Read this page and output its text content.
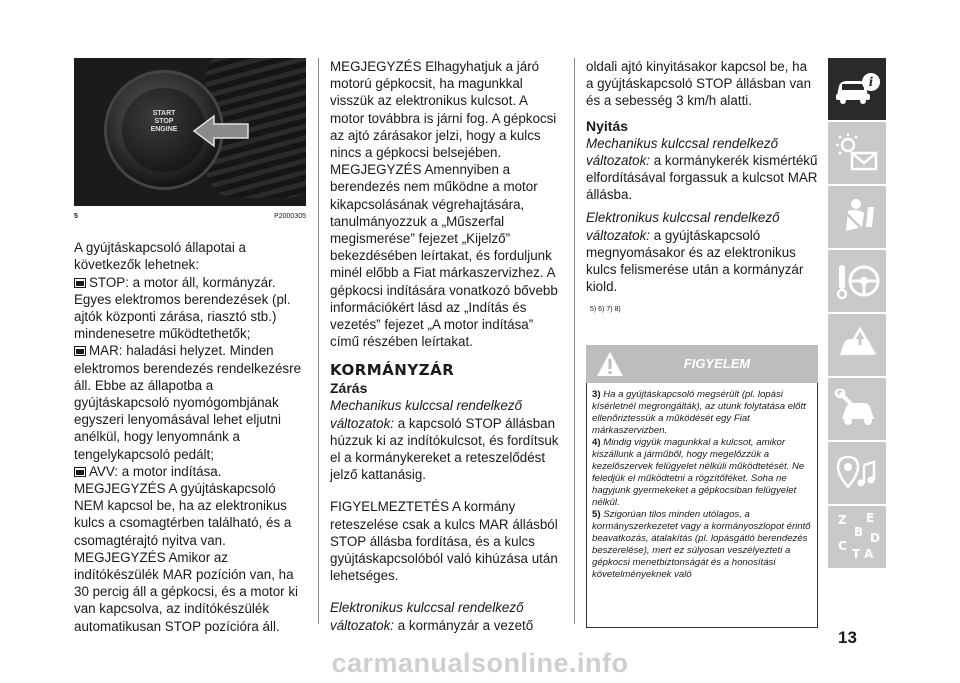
START
STOP
ENGINE
5	P2000305

A gyújtáskapcsoló állapotai a következők lehetnek:

STOP: a motor áll, kormányzár. Egyes elektromos berendezések (pl. ajtók központi zárása, riasztó stb.) mindenesetre működtethetők;

MAR: haladási helyzet. Minden elektromos berendezés rendelkezésre áll. Ebbe az állapotba a gyújtáskapcsoló nyomógombjának egyszeri lenyomásával lehet eljutni anélkül, hogy lenyomnánk a tengelykapcsoló pedált;

AVV: a motor indítása.

MEGJEGYZÉS A gyújtáskapcsoló NEM kapcsol be, ha az elektronikus kulcs a csomagtérben található, és a csomagtérajtó nyitva van.

MEGJEGYZÉS Amikor az indítókészülék MAR pozíción van, ha 30 percig áll a gépkocsi, és a motor ki van kapcsolva, az indítókészülék automatikusan STOP pozícióra áll.

MEGJEGYZÉS Elhagyhatjuk a járó motorú gépkocsit, ha magunkkal visszük az elektronikus kulcsot. A motor továbbra is járni fog. A gépkocsi az ajtó zárásakor jelzi, hogy a kulcs nincs a gépkocsi belsejében.

MEGJEGYZÉS Amennyiben a berendezés nem működne a motor kikapcsolásának végrehajtására, tanulmányozzuk a „Műszerfal megismerése” fejezet „Kijelző” bekezdésében leírtakat, és forduljunk minél előbb a Fiat márkaszervizhez. A gépkocsi indítására vonatkozó bővebb információkért lásd az „Indítás és vezetés” fejezet „A motor indítása” című részében leírtakat.

KORMÁNYZÁR
Zárás

Mechanikus kulccsal rendelkező változatok: a kapcsoló STOP állásban húzzuk ki az indítókulcsot, és fordítsuk el a kormánykereket a reteszelődést jelző kattanásig.

FIGYELMEZTETÉS A kormány reteszelése csak a kulcs MAR állásból STOP állásba fordítása, és a kulcs gyújtáskapcsolóból való kihúzása után lehetséges.

Elektronikus kulccsal rendelkező változatok: a kormányzár a vezető

oldali ajtó kinyitásakor kapcsol be, ha a gyújtáskapcsoló STOP állásban van és a sebesség 3 km/h alatti.

Nyitás

Mechanikus kulccsal rendelkező változatok: a kormánykerék kismértékű elfordításával forgassuk a kulcsot MAR állásba.

Elektronikus kulccsal rendelkező változatok: a gyújtáskapcsoló megnyomásakor és az elektronikus kulcs felismerése után a kormányzár kiold.

5) 6) 7) 8)
FIGYELEM

3) Ha a gyújtáskapcsoló megsérült (pl. lopási kísérletnél megrongálták), az utunk folytatása előtt ellenőriztessük a működését egy Fiat márkaszervizben.

4) Mindig vigyük magunkkal a kulcsot, amikor kiszállunk a járműből, hogy megelőzzük a kezelőszervek felügyelet nélküli működtetését. Ne feledjük el működtetni a rögzítőféket. Soha ne hagyjunk gyermekeket a gépkocsiban felügyelet nélkül.

5) Szigorúan tilos minden utólagos, a kormányszerkezetet vagy a kormányoszlopot érintő beavatkozás, átalakítás (pl. lopásgátló berendezés beszerelése), mert ez súlyosan veszélyezteti a gépkocsi menetbiztonságát és a honosítási követelményeknek való

i
Z E
B D
C
T A
13
carmanualsonline.info
